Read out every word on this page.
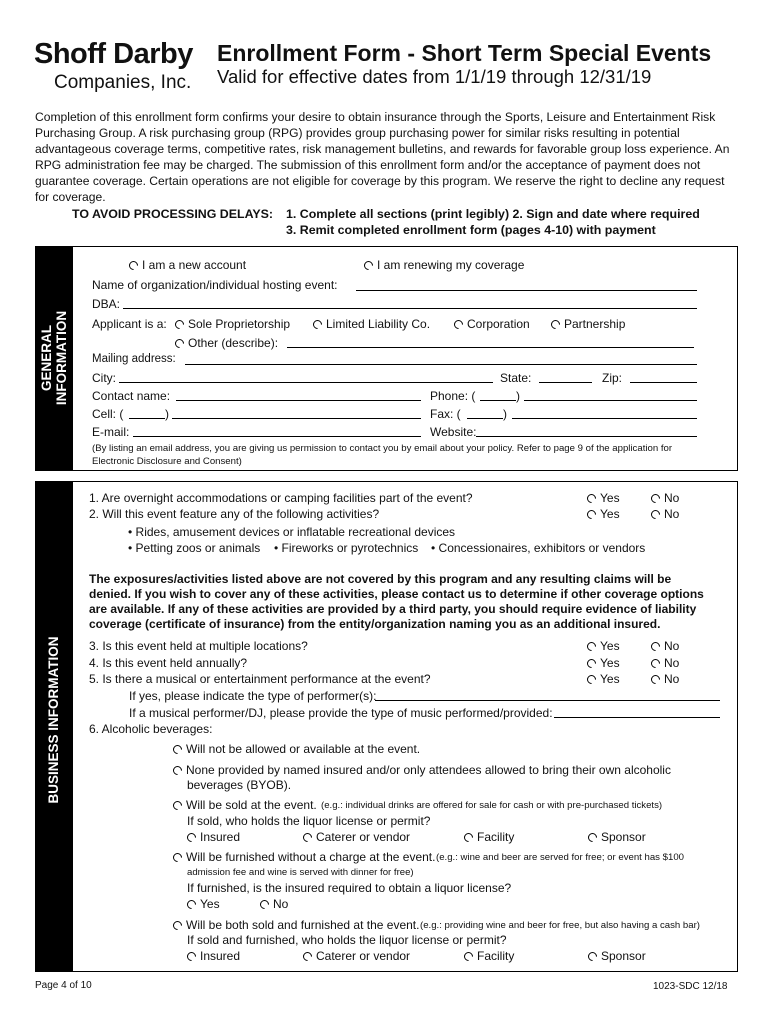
Shoff Darby
Companies, Inc.
Enrollment Form - Short Term Special Events
Valid for effective dates from 1/1/19 through 12/31/19
Completion of this enrollment form confirms your desire to obtain insurance through the Sports, Leisure and Entertainment Risk Purchasing Group. A risk purchasing group (RPG) provides group purchasing power for similar risks resulting in potential advantageous coverage terms, competitive rates, risk management bulletins, and rewards for favorable group loss experience. An RPG administration fee may be charged. The submission of this enrollment form and/or the acceptance of payment does not guarantee coverage. Certain operations are not eligible for coverage by this program. We reserve the right to decline any request for coverage.
TO AVOID PROCESSING DELAYS: 1. Complete all sections (print legibly) 2. Sign and date where required
3. Remit completed enrollment form (pages 4-10) with payment
GENERAL INFORMATION
I am a new account	I am renewing my coverage
Name of organization/individual hosting event:
DBA:
Applicant is a:	Sole Proprietorship	Limited Liability Co.	Corporation	Partnership
Other (describe):
Mailing address:
City:	State:	Zip:
Contact name:	Phone: (	)
Cell: (	)	Fax: (	)
E-mail:	Website:
(By listing an email address, you are giving us permission to contact you by email about your policy. Refer to page 9 of the application for
Electronic Disclosure and Consent)
BUSINESS INFORMATION
1. Are overnight accommodations or camping facilities part of the event?	Yes	No
2. Will this event feature any of the following activities?	Yes	No
• Rides, amusement devices or inflatable recreational devices
• Petting zoos or animals • Fireworks or pyrotechnics • Concessionaires, exhibitors or vendors
The exposures/activities listed above are not covered by this program and any resulting claims will be
denied. If you wish to cover any of these activities, please contact us to determine if other coverage options
are available. If any of these activities are provided by a third party, you should require evidence of liability
coverage (certificate of insurance) from the entity/organization naming you as an additional insured.
3. Is this event held at multiple locations?	Yes	No
4. Is this event held annually?	Yes	No
5. Is there a musical or entertainment performance at the event?	Yes	No
If yes, please indicate the type of performer(s):
If a musical performer/DJ, please provide the type of music performed/provided:
6. Alcoholic beverages:
Will not be allowed or available at the event.
None provided by named insured and/or only attendees allowed to bring their own alcoholic
beverages (BYOB).
Will be sold at the event. (e.g.: individual drinks are offered for sale for cash or with pre-purchased tickets)
If sold, who holds the liquor license or permit?
Insured	Caterer or vendor	Facility	Sponsor
Will be furnished without a charge at the event. (e.g.: wine and beer are served for free; or event has $100
admission fee and wine is served with dinner for free)
If furnished, is the insured required to obtain a liquor license?
Yes	No
Will be both sold and furnished at the event. (e.g.: providing wine and beer for free, but also having a cash bar)
If sold and furnished, who holds the liquor license or permit?
Insured	Caterer or vendor	Facility	Sponsor
Page 4 of 10	1023-SDC 12/18
